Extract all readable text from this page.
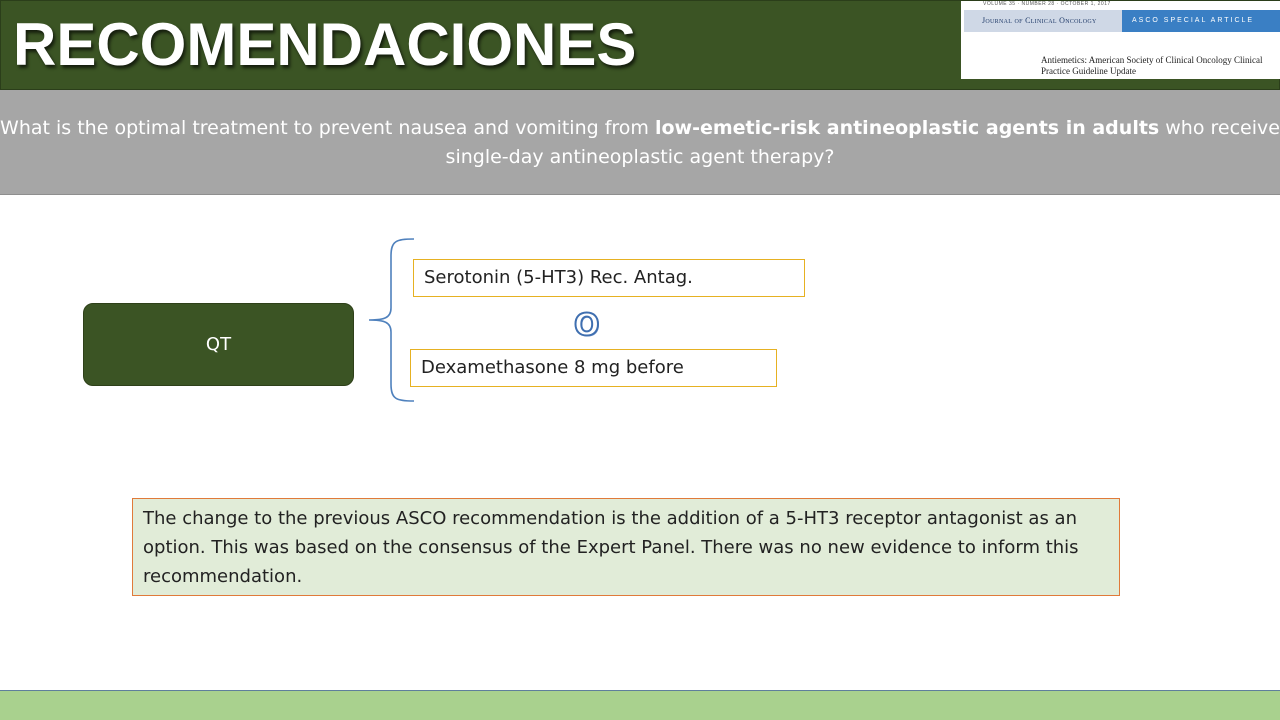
RECOMENDACIONES
VOLUME 35 · NUMBER 28 · OCTOBER 1, 2017
Journal of Clinical Oncology	ASCO SPECIAL ARTICLE
Antiemetics: American Society of Clinical Oncology Clinical Practice Guideline Update
What is the optimal treatment to prevent nausea and vomiting from low-emetic-risk antineoplastic agents in adults who receive single-day antineoplastic agent therapy?
QT
Serotonin (5-HT3) Rec. Antag.
O
Dexamethasone 8 mg before
The change to the previous ASCO recommendation is the addition of a 5-HT3 receptor antagonist as an option. This was based on the consensus of the Expert Panel. There was no new evidence to inform this recommendation.
